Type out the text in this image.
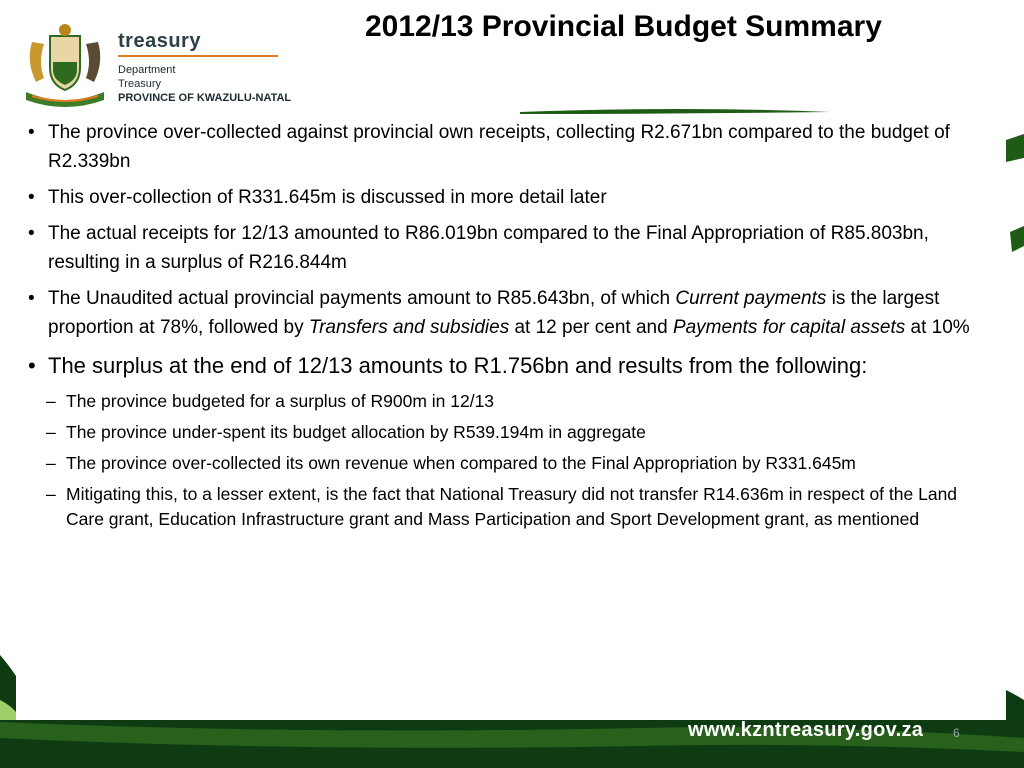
treasury
Department
Treasury
PROVINCE OF KWAZULU-NATAL
2012/13 Provincial Budget Summary
• The province over-collected against provincial own receipts, collecting R2.671bn compared to the budget of R2.339bn
• This over-collection of R331.645m is discussed in more detail later
• The actual receipts for 12/13 amounted to R86.019bn compared to the Final Appropriation of R85.803bn, resulting in a surplus of R216.844m
• The Unaudited actual provincial payments amount to R85.643bn, of which Current payments is the largest proportion at 78%, followed by Transfers and subsidies at 12 per cent and Payments for capital assets at 10%
• The surplus at the end of 12/13 amounts to R1.756bn and results from the following:
– The province budgeted for a surplus of R900m in 12/13
– The province under-spent its budget allocation by R539.194m in aggregate
– The province over-collected its own revenue when compared to the Final Appropriation by R331.645m
– Mitigating this, to a lesser extent, is the fact that National Treasury did not transfer R14.636m in respect of the Land Care grant, Education Infrastructure grant and Mass Participation and Sport Development grant, as mentioned
www.kzntreasury.gov.za 6
